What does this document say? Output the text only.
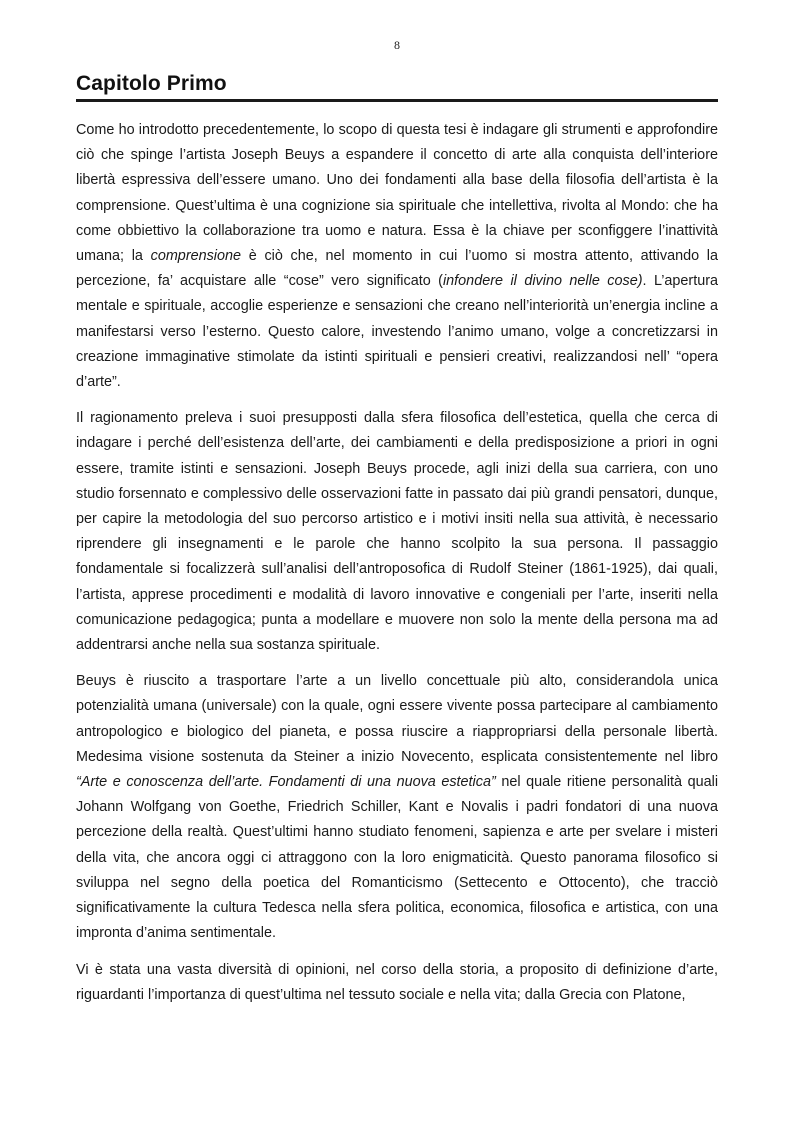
8
Capitolo Primo

Come ho introdotto precedentemente, lo scopo di questa tesi è indagare gli strumenti e approfondire ciò che spinge l’artista Joseph Beuys a espandere il concetto di arte alla conquista dell’interiore libertà espressiva dell’essere umano. Uno dei fondamenti alla base della filosofia dell’artista è la comprensione. Quest’ultima è una cognizione sia spirituale che intellettiva, rivolta al Mondo: che ha come obbiettivo la collaborazione tra uomo e natura. Essa è la chiave per sconfiggere l’inattività umana; la comprensione è ciò che, nel momento in cui l’uomo si mostra attento, attivando la percezione, fa’ acquistare alle “cose” vero significato (infondere il divino nelle cose). L’apertura mentale e spirituale, accoglie esperienze e sensazioni che creano nell’interiorità un’energia incline a manifestarsi verso l’esterno. Questo calore, investendo l’animo umano, volge a concretizzarsi in creazione immaginative stimolate da istinti spirituali e pensieri creativi, realizzandosi nell’ “opera d’arte”.

Il ragionamento preleva i suoi presupposti dalla sfera filosofica dell’estetica, quella che cerca di indagare i perché dell’esistenza dell’arte, dei cambiamenti e della predisposizione a priori in ogni essere, tramite istinti e sensazioni. Joseph Beuys procede, agli inizi della sua carriera, con uno studio forsennato e complessivo delle osservazioni fatte in passato dai più grandi pensatori, dunque, per capire la metodologia del suo percorso artistico e i motivi insiti nella sua attività, è necessario riprendere gli insegnamenti e le parole che hanno scolpito la sua persona. Il passaggio fondamentale si focalizzerà sull’analisi dell’antroposofica di Rudolf Steiner (1861-1925), dai quali, l’artista, apprese procedimenti e modalità di lavoro innovative e congeniali per l’arte, inseriti nella comunicazione pedagogica; punta a modellare e muovere non solo la mente della persona ma ad addentrarsi anche nella sua sostanza spirituale.

Beuys è riuscito a trasportare l’arte a un livello concettuale più alto, considerandola unica potenzialità umana (universale) con la quale, ogni essere vivente possa partecipare al cambiamento antropologico e biologico del pianeta, e possa riuscire a riappropriarsi della personale libertà. Medesima visione sostenuta da Steiner a inizio Novecento, esplicata consistentemente nel libro “Arte e conoscenza dell’arte. Fondamenti di una nuova estetica” nel quale ritiene personalità quali Johann Wolfgang von Goethe, Friedrich Schiller, Kant e Novalis i padri fondatori di una nuova percezione della realtà. Quest’ultimi hanno studiato fenomeni, sapienza e arte per svelare i misteri della vita, che ancora oggi ci attraggono con la loro enigmaticità. Questo panorama filosofico si sviluppa nel segno della poetica del Romanticismo (Settecento e Ottocento), che tracciò significativamente la cultura Tedesca nella sfera politica, economica, filosofica e artistica, con una impronta d’anima sentimentale.

Vi è stata una vasta diversità di opinioni, nel corso della storia, a proposito di definizione d’arte, riguardanti l’importanza di quest’ultima nel tessuto sociale e nella vita; dalla Grecia con Platone,
